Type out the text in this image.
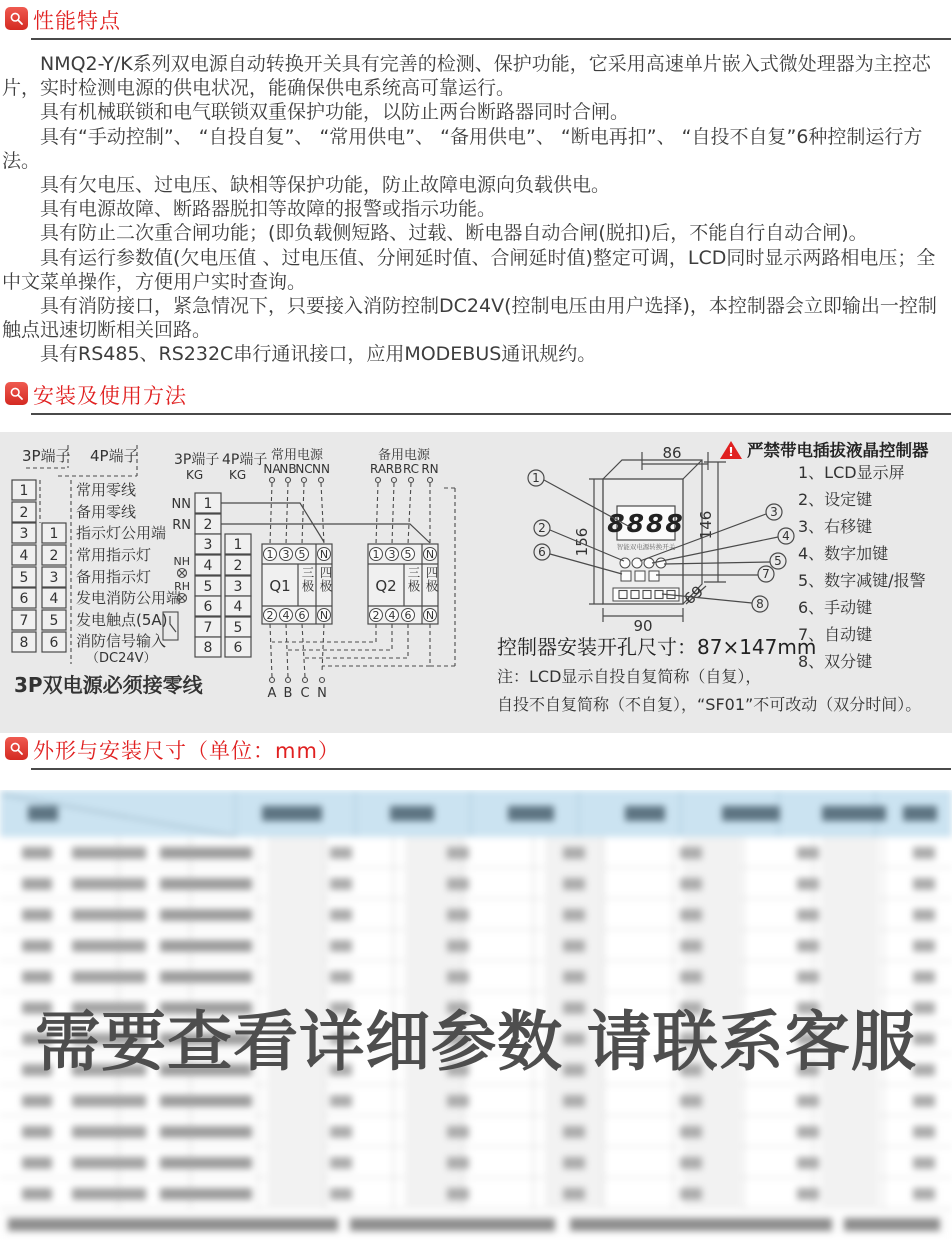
性能特点

NMQ2-Y/K系列双电源自动转换开关具有完善的检测、保护功能，它采用高速单片嵌入式微处理器为主控芯片，实时检测电源的供电状况，能确保供电系统高可靠运行。

具有机械联锁和电气联锁双重保护功能，以防止两台断路器同时合闸。

具有“手动控制”、 “自投自复”、 “常用供电”、 “备用供电”、 “断电再扣”、 “自投不自复”6种控制运行方法。

具有欠电压、过电压、缺相等保护功能，防止故障电源向负载供电。

具有电源故障、断路器脱扣等故障的报警或指示功能。

具有防止二次重合闸功能；(即负载侧短路、过载、断电器自动合闸(脱扣)后，不能自行自动合闸)。

具有运行参数值(欠电压值 、过电压值、分闸延时值、合闸延时值)整定可调，LCD同时显示两路相电压；全中文菜单操作，方便用户实时查询。

具有消防接口，紧急情况下，只要接入消防控制DC24V(控制电压由用户选择)，本控制器会立即输出一控制触点迅速切断相关回路。

具有RS485、RS232C串行通讯接口，应用MODEBUS通讯规约。

安装及使用方法
3P端子 4P端子
1
2
3
4
5
6
7
8
1
2
3
4
5
6
常用零线
备用零线
指示灯公用端
常用指示灯
备用指示灯
发电消防公用端
发电触点(5A)
消防信号输入
（DC24V）
3P双电源必须接零线
3P端子 4P端子
KG KG
1
2
3
4
5
6
7
8
1
2
3
4
5
6
NN
RN
NH
RH
常用电源
NA
NB
NC NN
备用电源
RA RB RC RN
1 3 5 N
Q1
2 4 6 N
1 3 5 N
Q2
2 4 6 N
A B C N
! 严禁带电插拔液晶控制器
8888
智能双电源转换开关
86
146
156
90
69
1
2
3
4
5
6
7
8
控制器安装开孔尺寸：87×147mm
注：LCD显示自投自复简称（自复），
自投不自复简称（不自复），“SF01”不可改动（双分时间）。
三极 四极	三极 四极
1、LCD显示屏
2、设定键
3、右移键
4、数字加键
5、数字减键/报警
6、手动键
7、自动键
8、双分键
外形与安装尺寸（单位：mm）
需要查看详细参数 请联系客服
